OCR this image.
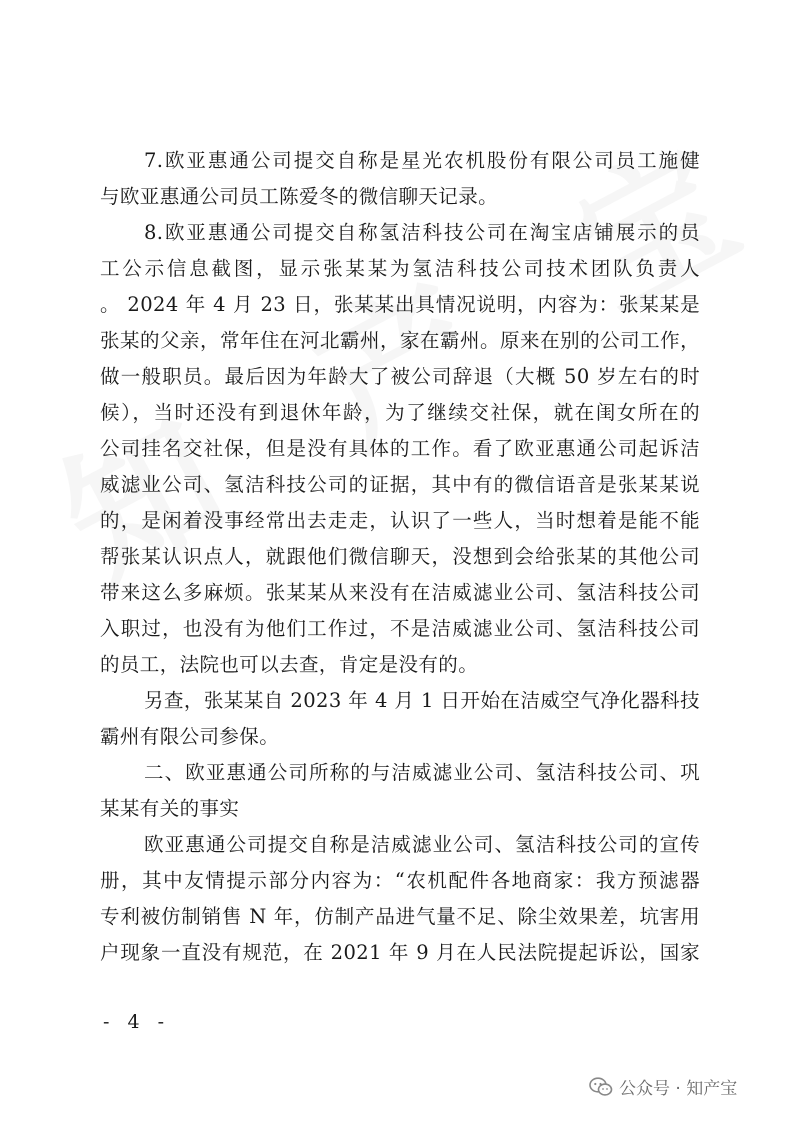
7.欧亚惠通公司提交自称是星光农机股份有限公司员工施健
与欧亚惠通公司员工陈爱冬的微信聊天记录。
8.欧亚惠通公司提交自称氢洁科技公司在淘宝店铺展示的员
工公示信息截图，显示张某某为氢洁科技公司技术团队负责人
。 2024 年 4 月 23 日，张某某出具情况说明，内容为：张某某是
张某的父亲，常年住在河北霸州，家在霸州。原来在别的公司工作，
做一般职员。最后因为年龄大了被公司辞退（大概 50 岁左右的时
候），当时还没有到退休年龄，为了继续交社保，就在闺女所在的
公司挂名交社保，但是没有具体的工作。看了欧亚惠通公司起诉洁
威滤业公司、氢洁科技公司的证据，其中有的微信语音是张某某说
的，是闲着没事经常出去走走，认识了一些人，当时想着是能不能
帮张某认识点人，就跟他们微信聊天，没想到会给张某的其他公司
带来这么多麻烦。张某某从来没有在洁威滤业公司、氢洁科技公司
入职过，也没有为他们工作过，不是洁威滤业公司、氢洁科技公司
的员工，法院也可以去查，肯定是没有的。
另查，张某某自 2023 年 4 月 1 日开始在洁威空气净化器科技
霸州有限公司参保。
二、欧亚惠通公司所称的与洁威滤业公司、氢洁科技公司、巩
某某有关的事实
欧亚惠通公司提交自称是洁威滤业公司、氢洁科技公司的宣传
册，其中友情提示部分内容为：“农机配件各地商家：我方预滤器
专利被仿制销售 N 年，仿制产品进气量不足、除尘效果差，坑害用
户现象一直没有规范，在 2021 年 9 月在人民法院提起诉讼，国家
- 4 -
公众号 · 知产宝
